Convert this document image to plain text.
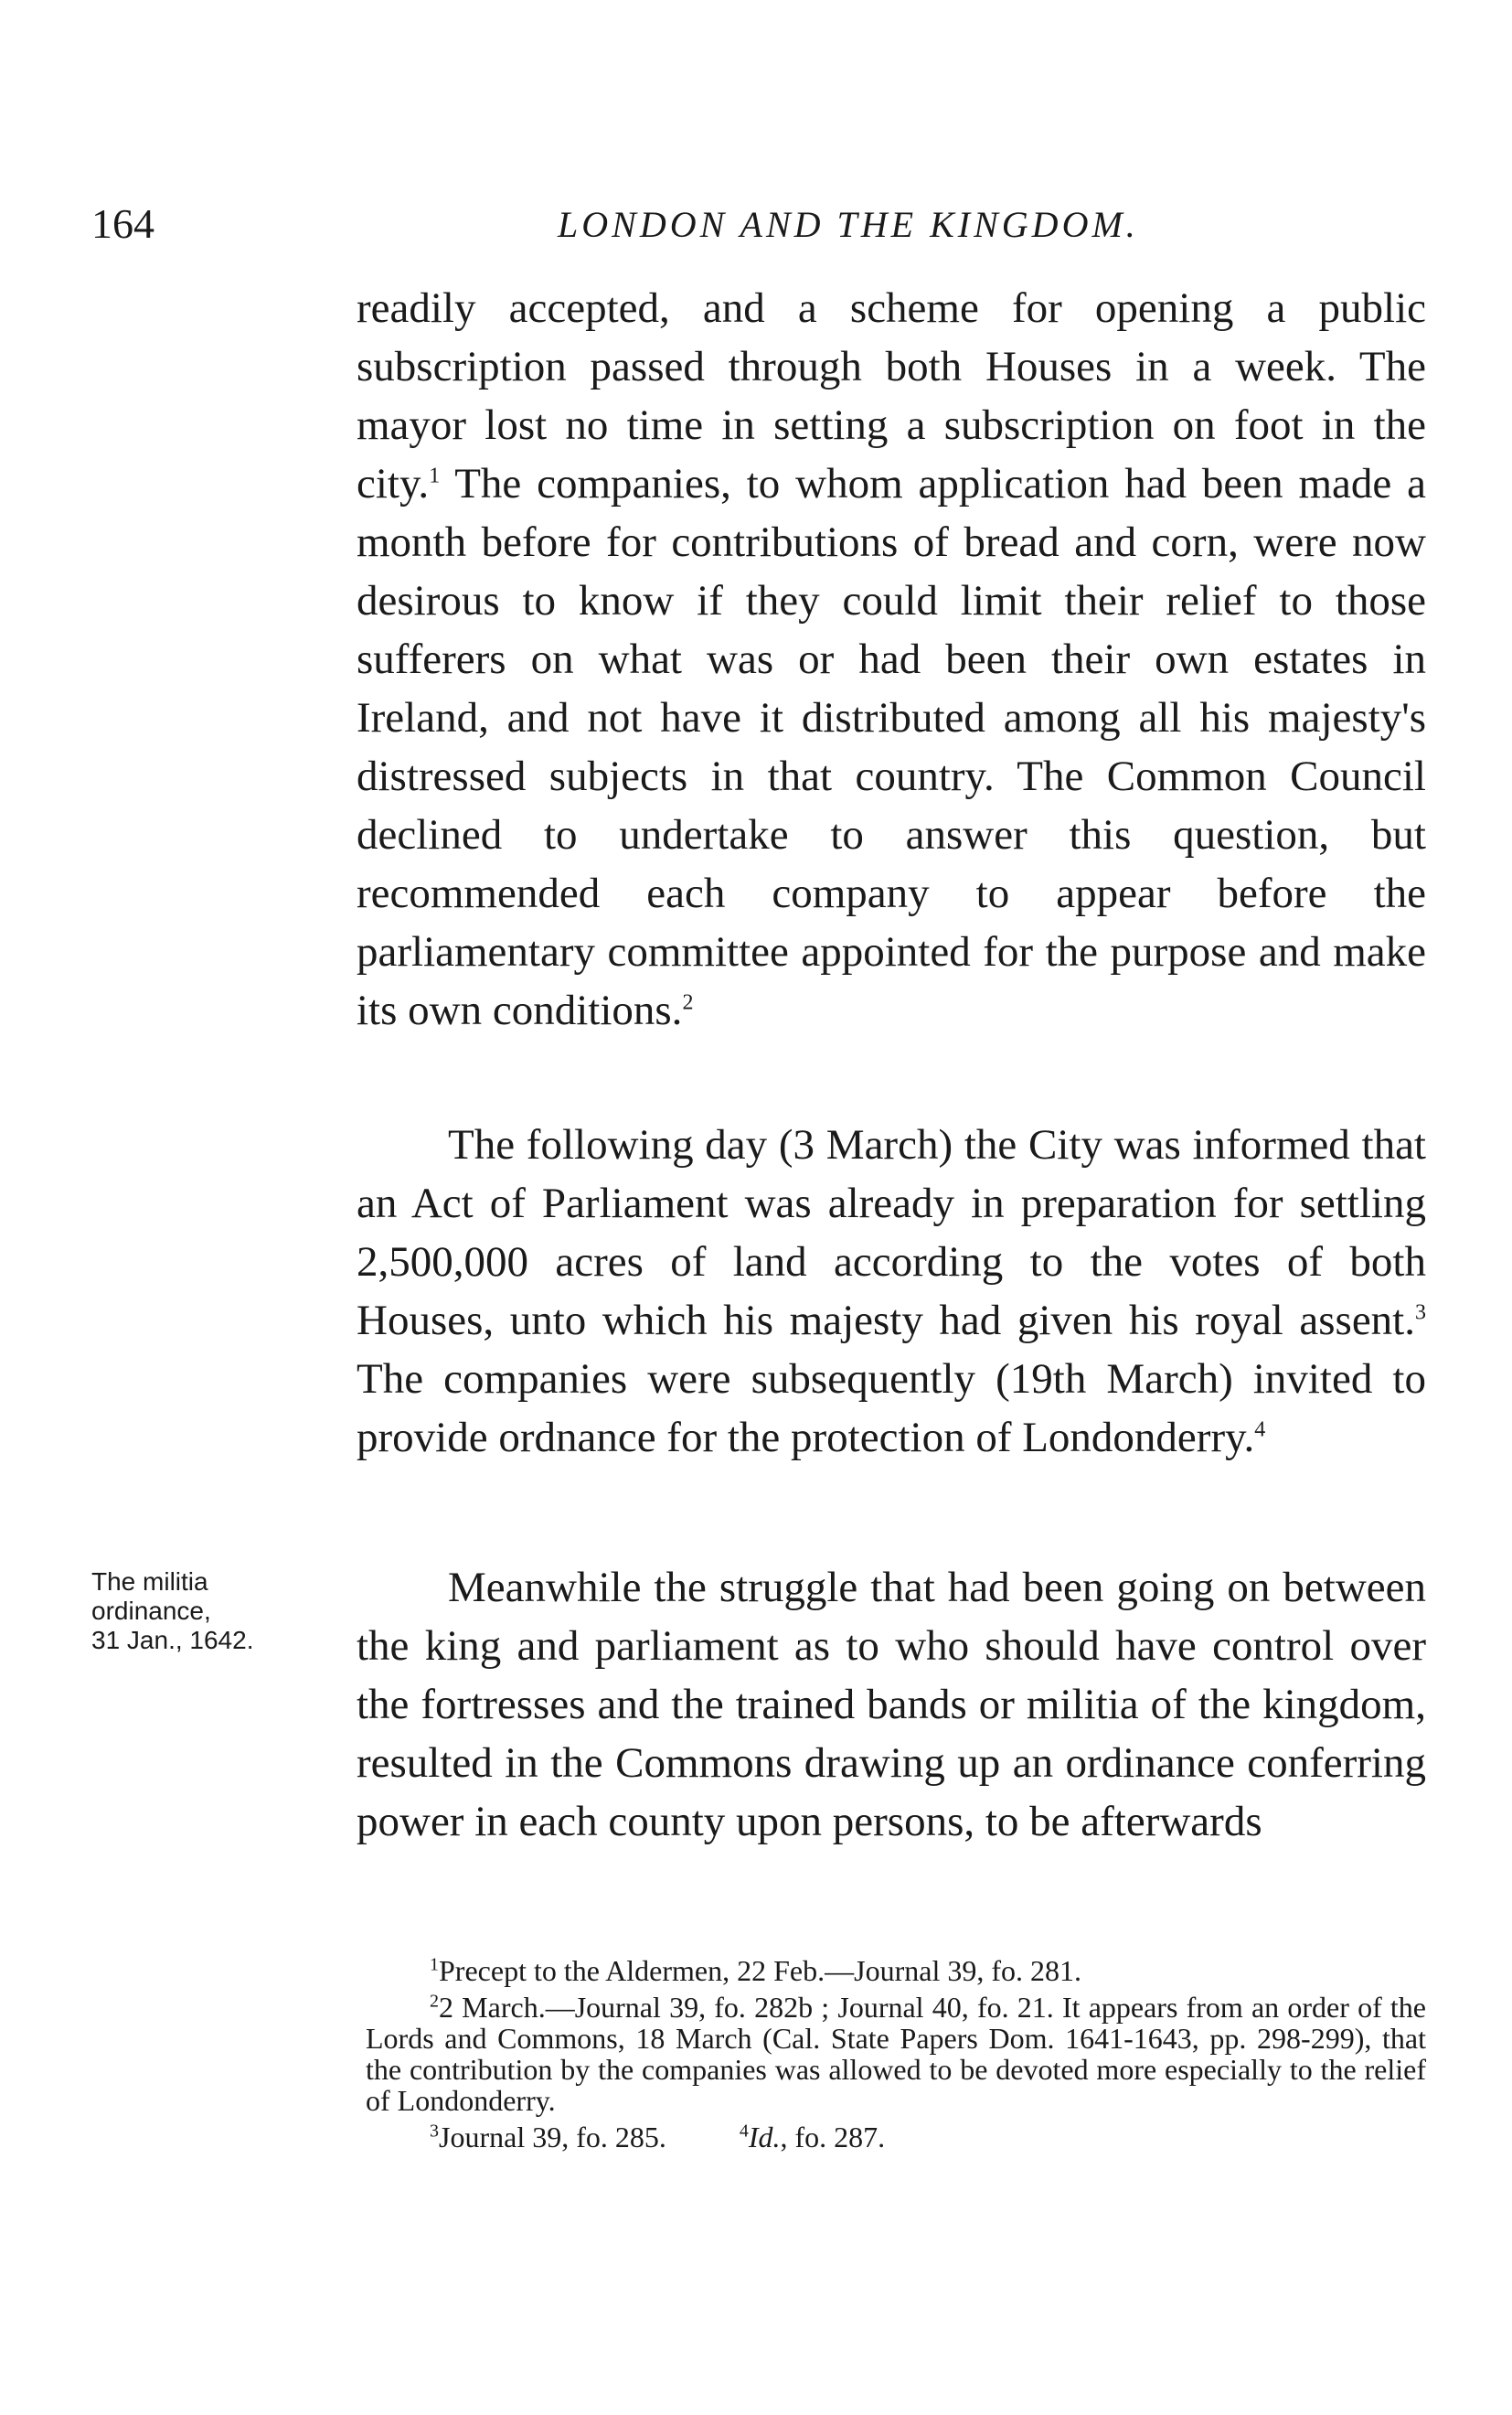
164	LONDON AND THE KINGDOM.

readily accepted, and a scheme for opening a public subscription passed through both Houses in a week. The mayor lost no time in setting a subscription on foot in the city.$^1$ The companies, to whom application had been made a month before for contributions of bread and corn, were now desirous to know if they could limit their relief to those sufferers on what was or had been their own estates in Ireland, and not have it distributed among all his majesty's distressed subjects in that country. The Common Council declined to undertake to answer this question, but recommended each company to appear before the parliamentary committee appointed for the purpose and make its own conditions.$^2$

The following day (3 March) the City was informed that an Act of Parliament was already in preparation for settling 2,500,000 acres of land according to the votes of both Houses, unto which his majesty had given his royal assent.$^3$ The companies were subsequently (19th March) invited to provide ordnance for the protection of Londonderry.$^4$

The militia
ordinance,
31 Jan., 1642.

Meanwhile the struggle that had been going on between the king and parliament as to who should have control over the fortresses and the trained bands or militia of the kingdom, resulted in the Commons drawing up an ordinance conferring power in each county upon persons, to be afterwards

$^1$Precept to the Aldermen, 22 Feb.—Journal 39, fo. 281.

$^2$2 March.—Journal 39, fo. 282b ; Journal 40, fo. 21. It appears from an order of the Lords and Commons, 18 March (Cal. State Papers Dom. 1641-1643, pp. 298-299), that the contribution by the companies was allowed to be devoted more especially to the relief of Londonderry.

$^3$Journal 39, fo. 285.	$^4$Id., fo. 287.
